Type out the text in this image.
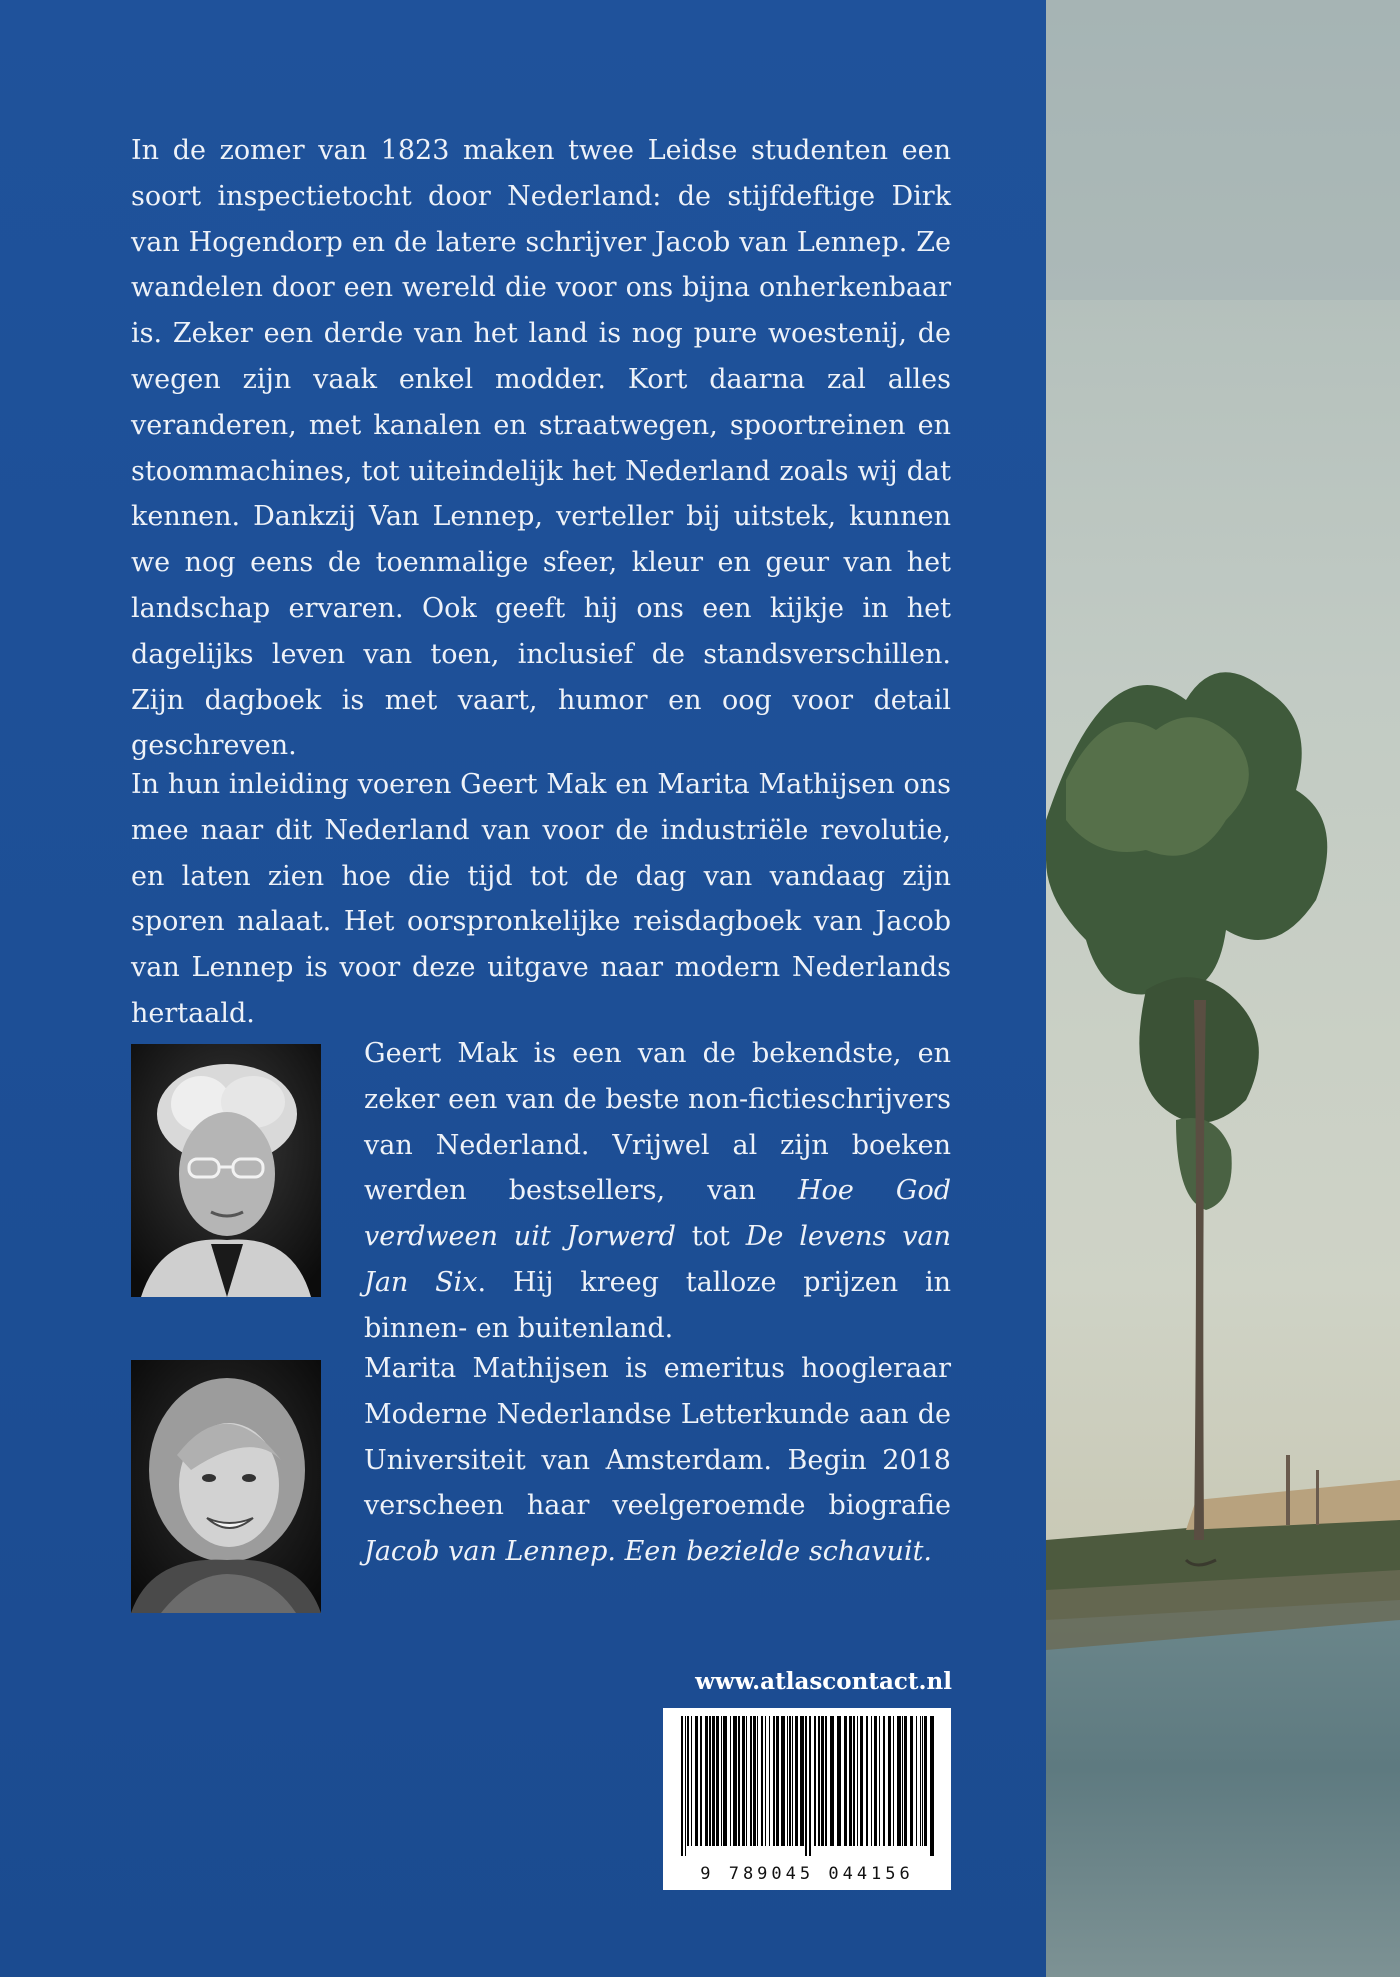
In de zomer van 1823 maken twee Leidse studenten een soort inspectietocht door Nederland: de stijfdeftige Dirk van Hogendorp en de latere schrijver Jacob van Lennep. Ze wandelen door een wereld die voor ons bijna onherkenbaar is. Zeker een derde van het land is nog pure woestenij, de wegen zijn vaak enkel modder. Kort daarna zal alles veranderen, met kanalen en straatwegen, spoortreinen en stoommachines, tot uiteindelijk het Nederland zoals wij dat kennen. Dankzij Van Lennep, verteller bij uitstek, kunnen we nog eens de toenmalige sfeer, kleur en geur van het landschap ervaren. Ook geeft hij ons een kijkje in het dagelijks leven van toen, inclusief de standsverschillen. Zijn dagboek is met vaart, humor en oog voor detail geschreven.

In hun inleiding voeren Geert Mak en Marita Mathijsen ons mee naar dit Nederland van voor de industriële revolutie, en laten zien hoe die tijd tot de dag van vandaag zijn sporen nalaat. Het oorspronkelijke reisdagboek van Jacob van Lennep is voor deze uitgave naar modern Nederlands hertaald.

Geert Mak is een van de bekendste, en zeker een van de beste non-fictieschrijvers van Nederland. Vrijwel al zijn boeken werden bestsellers, van Hoe God verdween uit Jorwerd tot De levens van Jan Six. Hij kreeg talloze prijzen in binnen- en buitenland.

Marita Mathijsen is emeritus hoogleraar Moderne Nederlandse Letterkunde aan de Universiteit van Amsterdam. Begin 2018 verscheen haar veelgeroemde biografie Jacob van Lennep. Een bezielde schavuit.

www.atlascontact.nl
9 789045 044156
